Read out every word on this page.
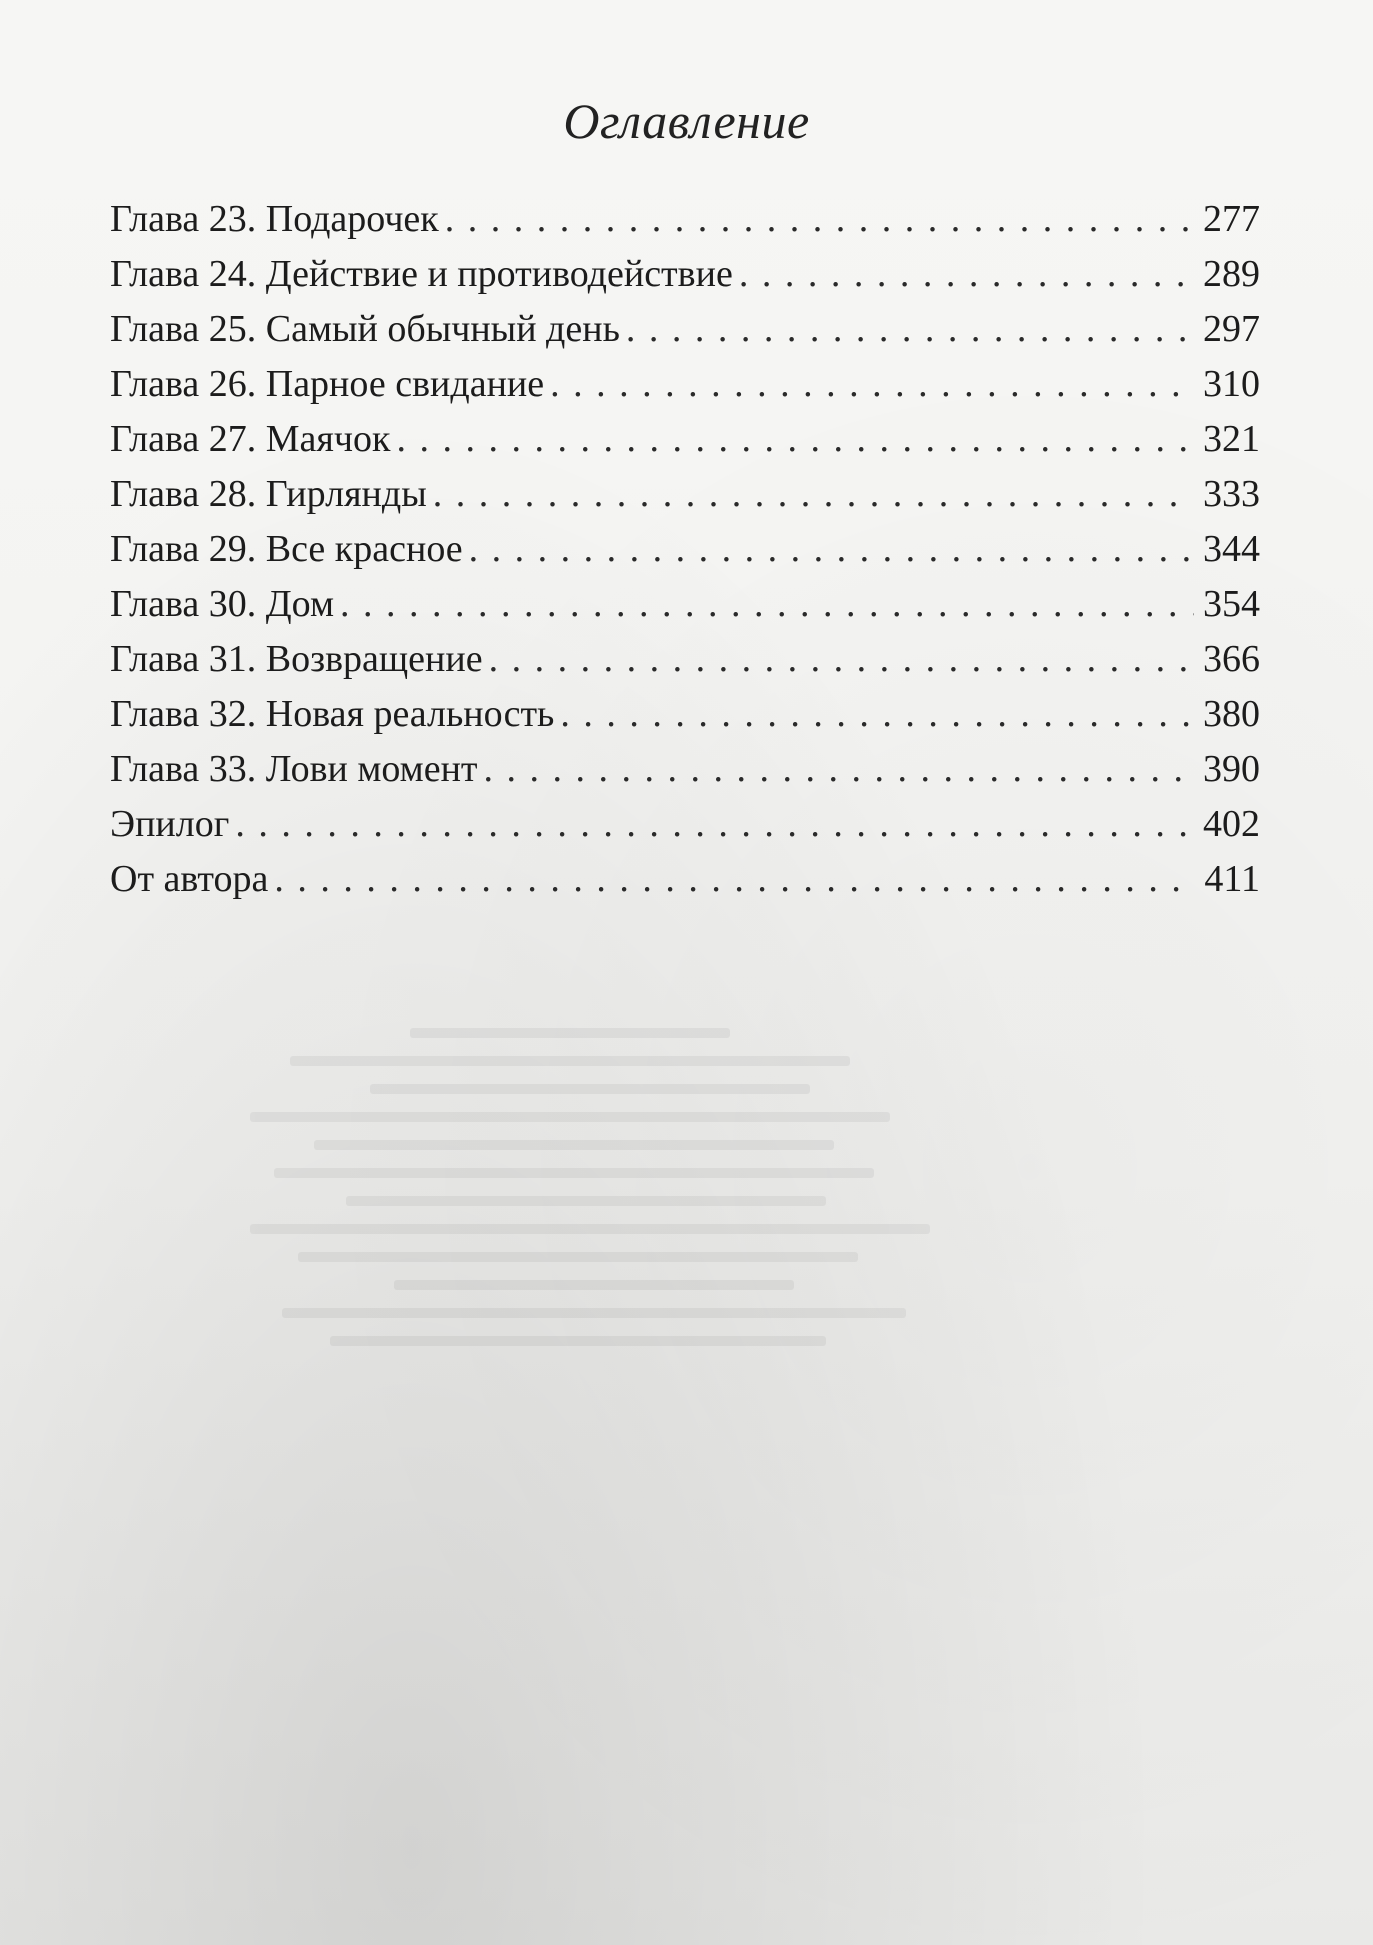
Оглавление
Глава 23. Подарочек . . .	277
Глава 24. Действие и противодействие . . .	289
Глава 25. Самый обычный день . . .	297
Глава 26. Парное свидание . . .	310
Глава 27. Маячок . . .	321
Глава 28. Гирлянды . . .	333
Глава 29. Все красное . . .	344
Глава 30. Дом . . .	354
Глава 31. Возвращение . . .	366
Глава 32. Новая реальность . . .	380
Глава 33. Лови момент . . .	390
Эпилог . . .	402
От автора . . .	411
